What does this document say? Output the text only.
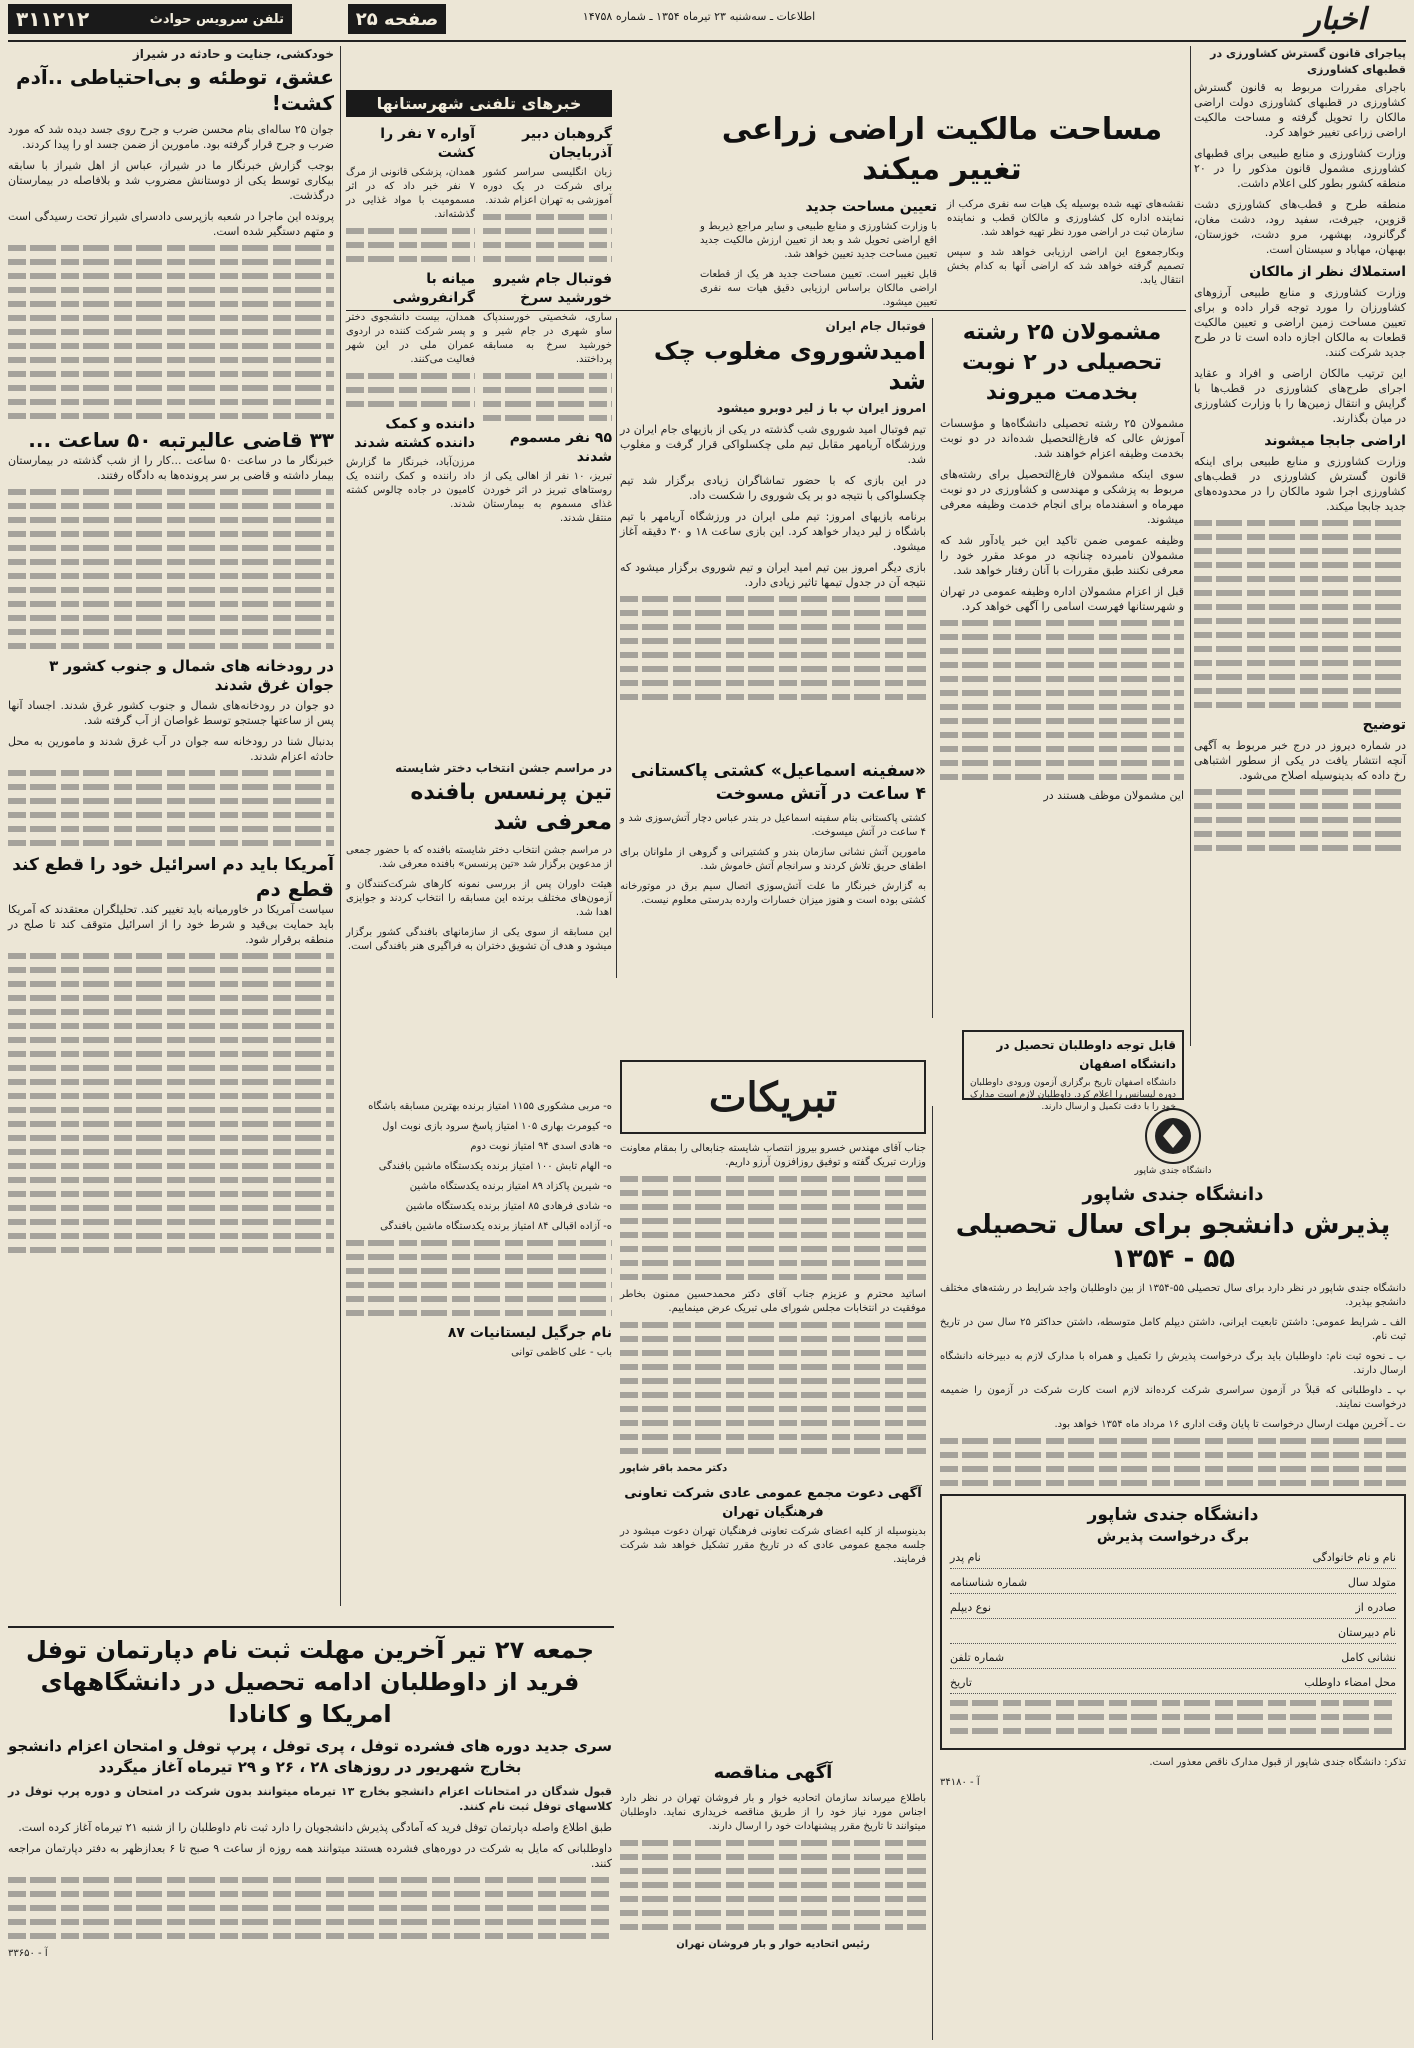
اخبار
اطلاعات ـ سه‌شنبه ۲۳ تیرماه ۱۳۵۴ ـ شماره ۱۴۷۵۸
صفحه ۲۵
تلفن سرویس حوادث
۳۱۱۲۱۲

پیاجرای قانون گسترش کشاورزی در قطبهای کشاورزی

باجرای مقررات مربوط به قانون گسترش کشاورزی در قطبهای کشاورزی دولت اراضی مالکان را تحویل گرفته و مساحت مالکیت اراضی زراعی تغییر خواهد کرد.

وزارت کشاورزی و منابع طبیعی برای قطبهای کشاورزی مشمول قانون مذکور را در ۲۰ منطقه کشور بطور کلی اعلام داشت.

منطقه طرح و قطب‌های کشاورزی دشت قزوین، جیرفت، سفید رود، دشت مغان، گرگانرود، بهشهر، مرو دشت، خوزستان، بهبهان، مهاباد و سیستان است.

استملاك نظر از مالکان

وزارت کشاورزی و منابع طبیعی آرزوهای کشاورزان را مورد توجه قرار داده و برای تعیین مساحت زمین اراضی و تعیین مالکیت قطعات به مالکان اجازه داده است تا در طرح جدید شرکت کنند.

این ترتیب مالکان اراضی و افراد و عقاید اجرای طرح‌های کشاورزی در قطب‌ها با گرایش و انتقال زمین‌ها را با وزارت کشاورزی در میان بگذارند.

اراضی جابجا میشوند

وزارت کشاورزی و منابع طبیعی برای اینکه قانون گسترش کشاورزی در قطب‌های کشاورزی اجرا شود مالکان را در محدوده‌های جدید جابجا میکند.

توضیح

در شماره دیروز در درج خبر مربوط به آگهی آنچه انتشار یافت در یکی از سطور اشتباهی رخ داده که بدینوسیله اصلاح می‌شود.

مساحت مالکیت اراضی زراعی تغییر میکند

نقشه‌های تهیه شده بوسیله یک هیات سه نفری مرکب از نماینده اداره کل کشاورزی و مالکان قطب و نماینده سازمان ثبت در اراضی مورد نظر تهیه خواهد شد.

وبکارجمعوع این اراضی ارزیابی خواهد شد و سپس تصمیم گرفته خواهد شد که اراضی آنها به کدام بخش انتقال یابد.

تعیین مساحت جدید

با وزارت کشاورزی و منابع طبیعی و سایر مراجع ذیربط و اقع اراضی تحویل شد و بعد از تعیین ارزش مالکیت جدید تعیین مساحت جدید تعیین خواهد شد.

قابل تغییر است. تعیین مساحت جدید هر یک از قطعات اراضی مالکان براساس ارزیابی دقیق هیات سه نفری تعیین میشود.

مشمولان ۲۵ رشته تحصیلی در ۲ نوبت بخدمت میروند

مشمولان ۲۵ رشته تحصیلی دانشگاه‌ها و مؤسسات آموزش عالی که فارغ‌التحصیل شده‌اند در دو نوبت بخدمت وظیفه اعزام خواهند شد.

سوی اینکه مشمولان فارغ‌التحصیل برای رشته‌های مربوط به پزشکی و مهندسی و کشاورزی در دو نوبت مهرماه و اسفندماه برای انجام خدمت وظیفه معرفی میشوند.

وظیفه عمومی ضمن تاکید این خبر یادآور شد که مشمولان نامبرده چنانچه در موعد مقرر خود را معرفی نکنند طبق مقررات با آنان رفتار خواهد شد.

قبل از اعزام مشمولان اداره وظیفه عمومی در تهران و شهرستانها فهرست اسامی را آگهی خواهد کرد.

این مشمولان موظف هستند در

فوتبال جام ایران

امیدشوروی مغلوب چک شد

امروز ایران پ با ز لیر دوبرو میشود

تیم فوتبال امید شوروی شب گذشته در یکی از بازیهای جام ایران در ورزشگاه آریامهر مقابل تیم ملی چکسلواکی قرار گرفت و مغلوب شد.

در این بازی که با حضور تماشاگران زیادی برگزار شد تیم چکسلواکی با نتیجه دو بر یک شوروی را شکست داد.

برنامه بازیهای امروز: تیم ملی ایران در ورزشگاه آریامهر با تیم باشگاه ز لیر دیدار خواهد کرد. این بازی ساعت ۱۸ و ۳۰ دقیقه آغاز میشود.

بازی دیگر امروز بین تیم امید ایران و تیم شوروی برگزار میشود که نتیجه آن در جدول تیمها تاثیر زیادی دارد.

«سفینه اسماعیل» کشتی پاکستانی ۴ ساعت در آتش مسوخت

کشتی پاکستانی بنام سفینه اسماعیل در بندر عباس دچار آتش‌سوزی شد و ۴ ساعت در آتش میسوخت.

مامورین آتش نشانی سازمان بندر و کشتیرانی و گروهی از ملوانان برای اطفای حریق تلاش کردند و سرانجام آتش خاموش شد.

به گزارش خبرنگار ما علت آتش‌سوزی اتصال سیم برق در موتورخانه کشتی بوده است و هنوز میزان خسارات وارده بدرستی معلوم نیست.

قابل توجه داوطلبان تحصیل در دانشگاه اصفهان

دانشگاه اصفهان تاریخ برگزاری آزمون ورودی داوطلبان دوره لیسانس را اعلام کرد. داوطلبان لازم است مدارک خود را با دقت تکمیل و ارسال دارند.

خبرهای تلفنی شهرستانها

گروهبان دبیر آذربایجان

زبان انگلیسی سراسر کشور برای شرکت در یک دوره آموزشی به تهران اعزام شدند.

فوتبال جام شیرو خورشید سرخ

ساری، شخصیتی خورسندپاک ساو شهری در جام شیر و خورشید سرخ به مسابقه پرداختند.

۹۵ نفر مسموم شدند

تبریز، ۱۰ نفر از اهالی یکی از روستاهای تبریز در اثر خوردن غذای مسموم به بیمارستان منتقل شدند.

آواره ۷ نفر را کشت

همدان، پزشکی قانونی از مرگ ۷ نفر خبر داد که در اثر مسمومیت با مواد غذایی در گذشته‌اند.

میانه با گرانفروشی

همدان، بیست دانشجوی دختر و پسر شرکت کننده در اردوی عمران ملی در این شهر فعالیت می‌کنند.

داننده و کمک داننده کشته شدند

مرزن‌آباد، خبرنگار ما گزارش داد راننده و کمک راننده یک کامیون در جاده چالوس کشته شدند.

در مراسم جشن انتخاب دختر شایسته

تین پرنسس بافنده معرفی شد

در مراسم جشن انتخاب دختر شایسته بافنده که با حضور جمعی از مدعوین برگزار شد «تین پرنسس» بافنده معرفی شد.

هیئت داوران پس از بررسی نمونه کارهای شرکت‌کنندگان و آزمون‌های مختلف برنده این مسابقه را انتخاب کردند و جوایزی اهدا شد.

این مسابقه از سوی یکی از سازمانهای بافندگی کشور برگزار میشود و هدف آن تشویق دختران به فراگیری هنر بافندگی است.

ه- مربی مشکوری ۱۱۵۵ امتیاز برنده بهترین مسابقه باشگاه

ه- کیومرث بهاری ۱۰۵ امتیاز پاسخ سرود بازی نوبت اول

ه- هادی اسدی ۹۴ امتیاز نوبت دوم

ه- الهام تابش ۱۰۰ امتیاز برنده یکدستگاه ماشین بافندگی

ه- شیرین پاکزاد ۸۹ امتیاز برنده یکدستگاه ماشین

ه- شادی فرهادی ۸۵ امتیاز برنده یکدستگاه ماشین

ه- آزاده اقبالی ۸۴ امتیاز برنده یکدستگاه ماشین بافندگی

نام جرگیل لیستانیات ۸۷

باب - علی کاظمی توانی

تبریکات

جناب آقای مهندس خسرو بیروز انتصاب شایسته جنابعالی را بمقام معاونت وزارت تبریک گفته و توفیق روزافزون آرزو داریم.

اساتید محترم و عزیزم جناب آقای دکتر محمدحسین ممنون بخاطر موفقیت در انتخابات مجلس شورای ملی تبریک عرض مینماییم.

دکتر محمد باقر شاپور

آگهی دعوت مجمع عمومی عادی شرکت تعاونی فرهنگیان تهران

بدینوسیله از کلیه اعضای شرکت تعاونی فرهنگیان تهران دعوت میشود در جلسه مجمع عمومی عادی که در تاریخ مقرر تشکیل خواهد شد شرکت فرمایند.

آگهی مناقصه

باطلاع میرساند سازمان اتحادیه خوار و بار فروشان تهران در نظر دارد اجناس مورد نیاز خود را از طریق مناقصه خریداری نماید. داوطلبان میتوانند تا تاریخ مقرر پیشنهادات خود را ارسال دارند.

رئیس اتحادیه خوار و بار فروشان تهران

خودکشی، جنایت و حادثه در شیراز

عشق، توطئه و بی‌احتیاطی ..آدم کشت!

جوان ۲۵ ساله‌ای بنام محسن ضرب و جرح روی جسد دیده شد که مورد ضرب و جرح قرار گرفته بود. مامورین از ضمن جسد او را پیدا کردند.

بوجب گزارش خبرنگار ما در شیراز، عباس از اهل شیراز با سابقه بیکاری توسط یکی از دوستانش مضروب شد و بلافاصله در بیمارستان درگذشت.

پرونده این ماجرا در شعبه بازپرسی دادسرای شیراز تحت رسیدگی است و متهم دستگیر شده است.

۳۳ قاضی عالیرتبه ۵۰ ساعت ...

خبرنگار ما در ساعت ۵۰ ساعت ...کار را از شب گذشته در بیمارستان بیمار داشته و قاضی بر سر پرونده‌ها به دادگاه رفتند.

در رودخانه های شمال و جنوب کشور ۳ جوان غرق شدند

دو جوان در رودخانه‌های شمال و جنوب کشور غرق شدند. اجساد آنها پس از ساعتها جستجو توسط غواصان از آب گرفته شد.

بدنبال شنا در رودخانه سه جوان در آب غرق شدند و مامورین به محل حادثه اعزام شدند.

آمریکا باید دم اسرائیل خود را قطع کند

قطع دم

سیاست آمریکا در خاورمیانه باید تغییر کند. تحلیلگران معتقدند که آمریکا باید حمایت بی‌قید و شرط خود را از اسرائیل متوقف کند تا صلح در منطقه برقرار شود.

جمعه ۲۷ تیر آخرین مهلت ثبت نام دپارتمان توفل فرید از داوطلبان ادامه تحصیل در دانشگاههای امریکا و کانادا

سری جدید دوره های فشرده توفل ، پری توفل ، پرپ توفل و امتحان اعزام دانشجو بخارج شهریور در روزهای ۲۸ ، ۲۶ و ۲۹ تیرماه آغاز میگردد

قبول شدگان در امتحانات اعزام دانشجو بخارج ۱۳ تیرماه میتوانند بدون شرکت در امتحان و دوره پرپ توفل در کلاسهای توفل ثبت نام کنند.

طبق اطلاع واصله دپارتمان توفل فرید که آمادگی پذیرش دانشجویان را دارد ثبت نام داوطلبان را از شنبه ۲۱ تیرماه آغاز کرده است.

داوطلبانی که مایل به شرکت در دوره‌های فشرده هستند میتوانند همه روزه از ساعت ۹ صبح تا ۶ بعدازظهر به دفتر دپارتمان مراجعه کنند.

آ - ۳۳۶۵۰

دانشگاه جندی شاپور

دانشگاه جندی شاپور

پذیرش دانشجو برای سال تحصیلی ۵۵ - ۱۳۵۴

دانشگاه جندی شاپور در نظر دارد برای سال تحصیلی ۵۵-۱۳۵۴ از بین داوطلبان واجد شرایط در رشته‌های مختلف دانشجو بپذیرد.

الف ـ شرایط عمومی: داشتن تابعیت ایرانی، داشتن دیپلم کامل متوسطه، داشتن حداکثر ۲۵ سال سن در تاریخ ثبت نام.

ب ـ نحوه ثبت نام: داوطلبان باید برگ درخواست پذیرش را تکمیل و همراه با مدارک لازم به دبیرخانه دانشگاه ارسال دارند.

پ ـ داوطلبانی که قبلاً در آزمون سراسری شرکت کرده‌اند لازم است کارت شرکت در آزمون را ضمیمه درخواست نمایند.

ت ـ آخرین مهلت ارسال درخواست تا پایان وقت اداری ۱۶ مرداد ماه ۱۳۵۴ خواهد بود.

دانشگاه جندی شاپور

برگ درخواست پذیرش

نام و نام خانوادگی
نام پدر
متولد سال
شماره شناسنامه
صادره از
نوع دیپلم
نام دبیرستان
نشانی کامل
شماره تلفن
محل امضاء داوطلب
تاریخ

تذکر: دانشگاه جندی شاپور از قبول مدارک ناقص معذور است.

آ - ۳۴۱۸۰
